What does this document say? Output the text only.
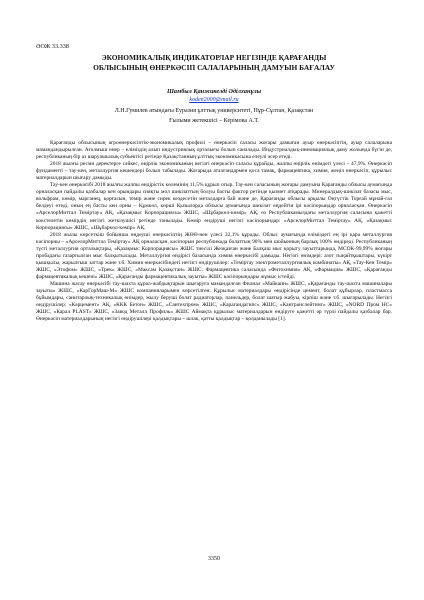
ӘОЖ 33.338
ЭКОНОМИКАЛЫҚ ИНДИКАТОРЛАР НЕГІЗІНДЕ ҚАРАҒАНДЫ
ОБЛЫСЫНЫҢ ӨНЕРКӘСІП САЛАЛАРЫНЫҢ ДАМУЫН БАҒАЛАУ
Шамбыл Қанжикелді Әділханұлы
koden2000@mail.ru
Л.Н.Гумилев атындағы Еуразия ұлттық университеті, Нұр-Сұлтан, Қазақстан
Ғылыми жетекшісі – Керімова А.Т.

Қарағанды облысының агроөнеркәсіптік-экономикалық профилі – өнеркәсіп саласы жоғары дамыған ауыр өнеркәсіптің, ауыр салаларына мамандандырылған. Атолмыш өнер – еліміздің алып индустриялық орталығы болып саналады. Индустриалдық-инновациялық даму жолында бүгін де, республиканың бір аз шаруашылық субъектісі ретінде Қазақстанның ұлттық экономикасына елеулі әсер етеді.

2018 жылғы ресми деректерге сәйкес, өңірлік экономиканың негізгі өнеркәсіп саласы құрайды, жалпы өңірлік өнімдегі үлесі – 47,9%. Өнеркәсіп фундаменті – тау-кен, металлургия кешендері болып табылады. Жоғарыда аталғандармен қоса тамақ, фармацевтика, химия, жеңіл өнеркәсіп, құрылыс материалдарын шығару дамыды.

Тау-кен өнеркәсібі 2018 жылғы жалпы өндірістік көлемінің 11,5% құрып отыр. Тау-кен саласының жоғары дамуына Қарағанды облысы аумағында орналасқан пайдалы қазбалар кен орындары сияқты мол шикізаттың болуы басты фактор ретінде қызмет атқарады. Минералдық-шикізат базасы мыс, вольфрам, көмір, марганец, қорғасын, темір және сирек кездесетін металдарға бай және де, Қарағанды облысы арқылы Оңтүстік Торғай мұнай-газ белдеуі өтеді, оның ең басты кен орны – Құмкөл, көрші Қызылорда облысы аумағында шикізат өңдейтін ірі кәсіпорындар орналасқан. Өнеркәсіп «АрселорМиттал Теміртау» АҚ, «Қазақмыс Корпорациясы» ЖШС, «Шұбаркөл-көмір» АҚ, өз Республикамыздағы металлургия саласына қажетті кокстелетін көмірдің негізгі жеткізушісі ретінде танылады. Көмір өндіруші негізгі кәсіпорындар: «АрселорМиттал Теміртау» АҚ, «Қазақмыс Корпорациясы» ЖШС, «Шұбаркөл-көмір» АҚ.

2018 жылы көрсеткіш бойынша өңдеуші өнеркәсіптің ЖӨӨ-нен үлесі 32,1% құрады. Облыс аумағында еліміздегі ең ірі қара металлургия кәсіпорны – «АрселорМиттал Теміртау» АҚ орналасқан, кәсіпорын республикада болаттың 90% мен шойынның барлық 100% өндіреді. Республиканың түсті металлургия орталықтары, «Қазақмыс Корпорациясы» ЖШС тиесілі Жезқазған және Балқаш мыс қорыту зауыттарында, МСОК-99,99% жоғары пробадағы тазартылған мыс балқытылады. Металлургия өндірісі базасында химия өнеркәсібі дамыды. Негізгі өнімдері: азот тыңайтқыштары, күкірт қышқылы, жарылғыш заттар және т.б. Химия өнеркәсібіндегі негізгі өндірушілер: «Теміртау электрометаллургиялық комбинаты» АҚ, «Тау-Кен Темір» ЖШС, «Этофом» ЖШС, «Трек» ЖШС, «Максам Қазақстан» ЖШС. Фармацевтика саласында «Фитохимия» АҚ, «Фармация» ЖШС, «Қарағанды фармацевтикалық кешені» ЖШС, «Қарағанды фармацевтикалық зауыты» ЖШС кәсіпорындары жұмыс істейді.

Машина жасау өнеркәсібі тау-шахта құрал-жабдықтарын шығаруға мамандалған Филиал «Майкаин» ЖШС, «Қарағанды тау-шахта машиналары зауыты» ЖШС, «КарГорМаш-М» ЖШС компанияларымен көрсетілген. Құрылыс материалдары өндірісінде цемент, болат құбырлар, пластмасса бұйымдары, санитарлық-техникалық өнімдер, жылу беруші болат радиаторлар, панельдер, болат шатыр жабуы, кірпіш және т.б. шығарылады. Негізгі өндірушілер: «Кәрцемент» АҚ, «ККК Бетон» ЖШС, «Сантехпром» ЖШС, «Карагандагипс» ЖШС, «Кантранслейтинг» ЖШС, «NORD Пром НС» ЖШС, «Карал PLAST» ЖШС, «Завод Металл Профиль» ЖШС Аймақта құрылыс материалдарын өндіруге қажетті әр түрлі пайдалы қазбалар бар. Өнеркәсіп материалдарының негізгі өндірушілері қалдықтары – шлак, қатты қалдықтар – қолданылады [1].

3350
